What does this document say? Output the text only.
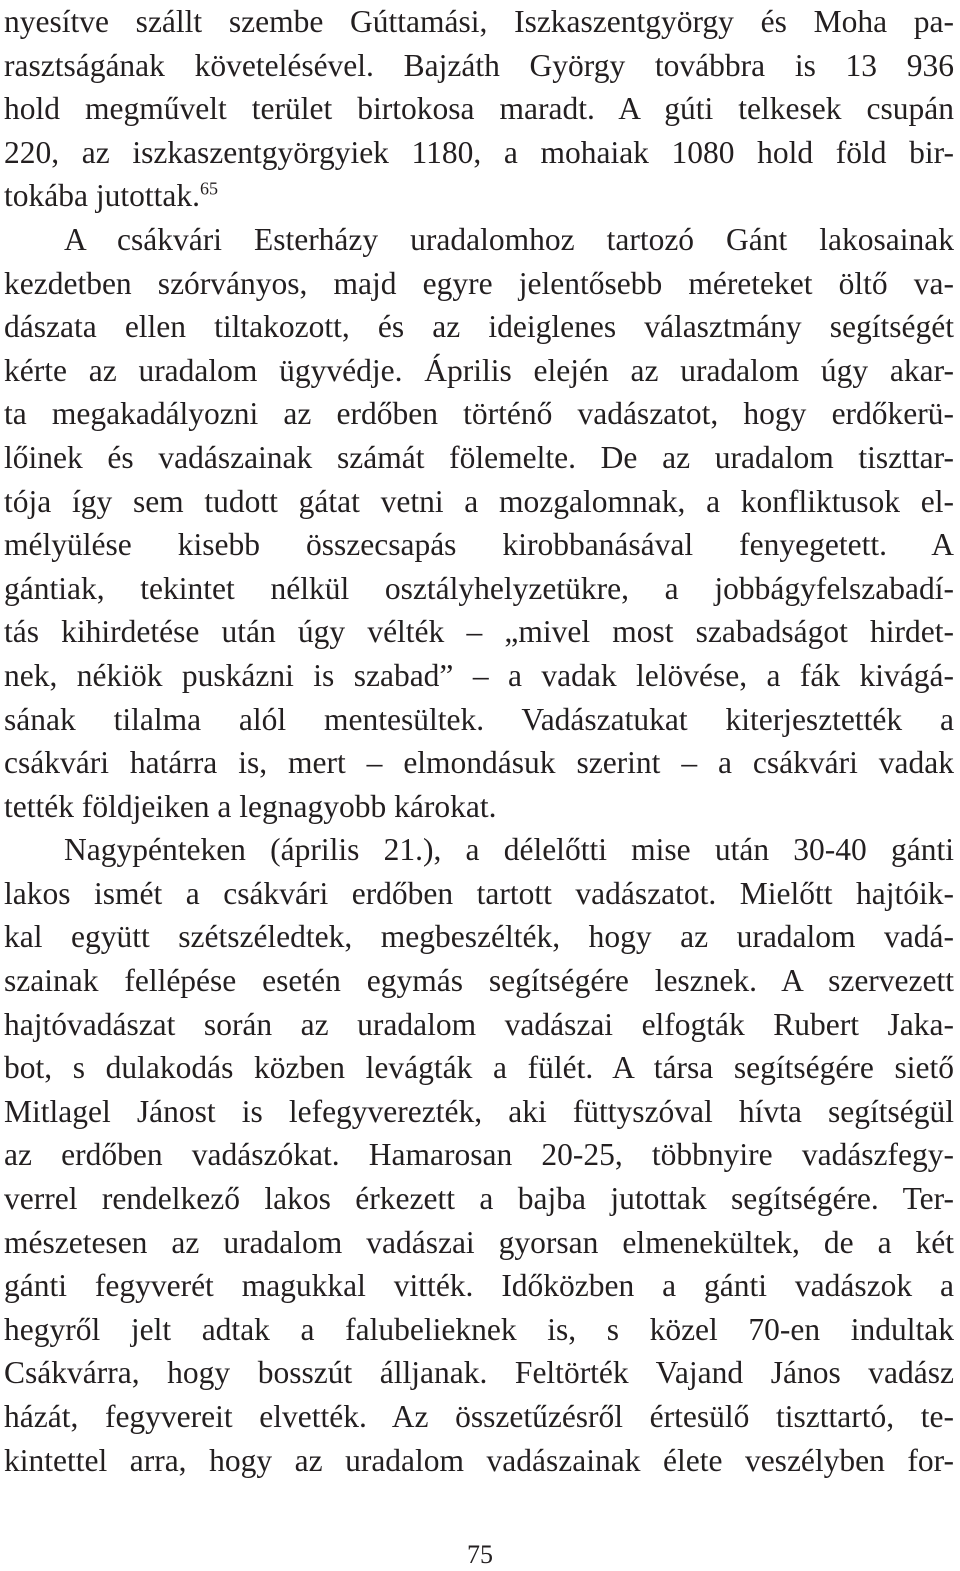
nyesítve szállt szembe Gúttamási, Iszkaszentgyörgy és Moha pa-
rasztságának követelésével. Bajzáth György továbbra is 13 936
hold megművelt terület birtokosa maradt. A gúti telkesek csupán
220, az iszkaszentgyörgyiek 1180, a mohaiak 1080 hold föld bir-
tokába jutottak.$^{65}$
A csákvári Esterházy uradalomhoz tartozó Gánt lakosainak
kezdetben szórványos, majd egyre jelentősebb méreteket öltő va-
dászata ellen tiltakozott, és az ideiglenes választmány segítségét
kérte az uradalom ügyvédje. Április elején az uradalom úgy akar-
ta megakadályozni az erdőben történő vadászatot, hogy erdőkerü-
lőinek és vadászainak számát fölemelte. De az uradalom tiszttar-
tója így sem tudott gátat vetni a mozgalomnak, a konfliktusok el-
mélyülése kisebb összecsapás kirobbanásával fenyegetett. A
gántiak, tekintet nélkül osztályhelyzetükre, a jobbágyfelszabadí-
tás kihirdetése után úgy vélték – „mivel most szabadságot hirdet-
nek, nékiök puskázni is szabad” – a vadak lelövése, a fák kivágá-
sának tilalma alól mentesültek. Vadászatukat kiterjesztették a
csákvári határra is, mert – elmondásuk szerint – a csákvári vadak
tették földjeiken a legnagyobb károkat.
Nagypénteken (április 21.), a délelőtti mise után 30-40 gánti
lakos ismét a csákvári erdőben tartott vadászatot. Mielőtt hajtóik-
kal együtt szétszéledtek, megbeszélték, hogy az uradalom vadá-
szainak fellépése esetén egymás segítségére lesznek. A szervezett
hajtóvadászat során az uradalom vadászai elfogták Rubert Jaka-
bot, s dulakodás közben levágták a fülét. A társa segítségére siető
Mitlagel Jánost is lefegyverezték, aki füttyszóval hívta segítségül
az erdőben vadászókat. Hamarosan 20-25, többnyire vadászfegy-
verrel rendelkező lakos érkezett a bajba jutottak segítségére. Ter-
mészetesen az uradalom vadászai gyorsan elmenekültek, de a két
gánti fegyverét magukkal vitték. Időközben a gánti vadászok a
hegyről jelt adtak a falubelieknek is, s közel 70-en indultak
Csákvárra, hogy bosszút álljanak. Feltörték Vajand János vadász
házát, fegyvereit elvették. Az összetűzésről értesülő tiszttartó, te-
kintettel arra, hogy az uradalom vadászainak élete veszélyben for-
75
